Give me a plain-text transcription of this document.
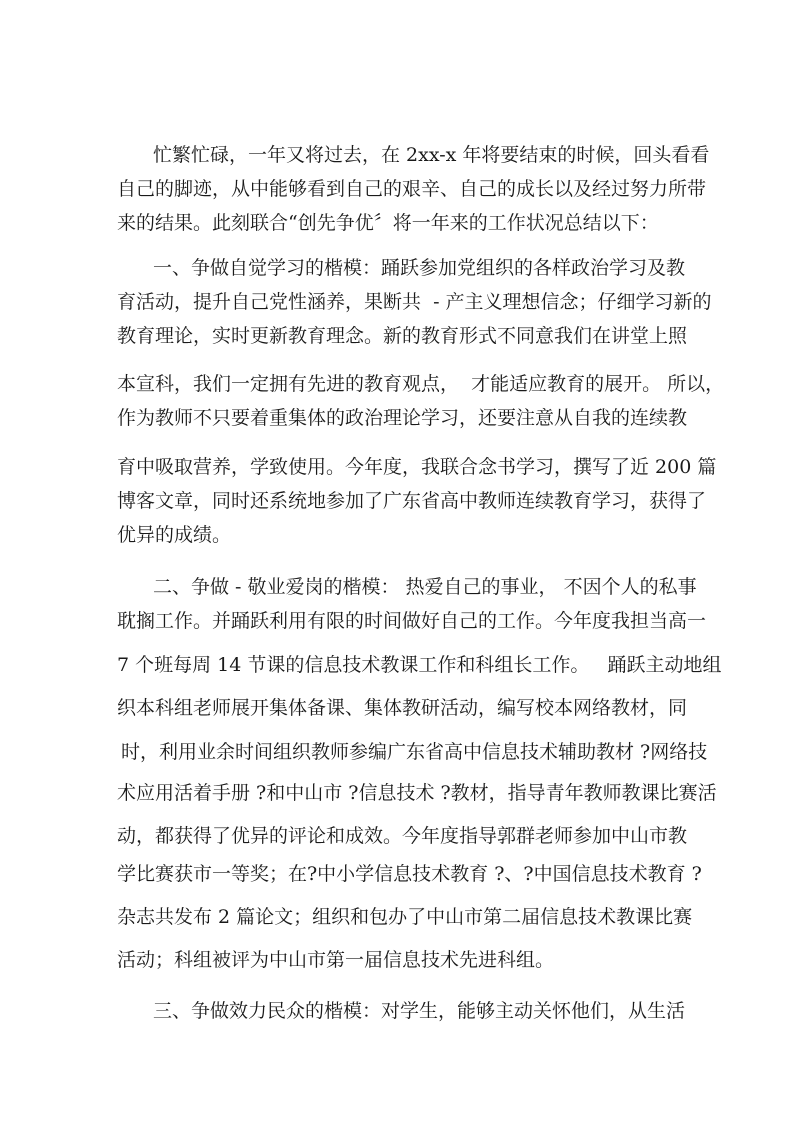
忙繁忙碌，一年又将过去，在 2xx-x 年将要结束的时候，回头看看
自己的脚迹，从中能够看到自己的艰辛、自己的成长以及经过努力所带
来的结果。此刻联合“创先争优〞将一年来的工作状况总结以下：
一、争做自觉学习的楷模：踊跃参加党组织的各样政治学习及教
育活动，提升自己党性涵养，果断共  - 产主义理想信念；仔细学习新的
教育理论，实时更新教育理念。新的教育形式不同意我们在讲堂上照
本宣科，我们一定拥有先进的教育观点，  才能适应教育的展开。 所以，
作为教师不只要着重集体的政治理论学习，还要注意从自我的连续教
育中吸取营养，学致使用。今年度，我联合念书学习，撰写了近 200 篇
博客文章，同时还系统地参加了广东省高中教师连续教育学习，获得了
优异的成绩。
二、争做 - 敬业爱岗的楷模： 热爱自己的事业， 不因个人的私事
耽搁工作。并踊跃利用有限的时间做好自己的工作。今年度我担当高一
7 个班每周 14 节课的信息技术教课工作和科组长工作。   踊跃主动地组
织本科组老师展开集体备课、集体教研活动，编写校本网络教材，同
时，利用业余时间组织教师参编广东省高中信息技术辅助教材 ?网络技
术应用活着手册 ?和中山市 ?信息技术 ?教材，指导青年教师教课比赛活
动，都获得了优异的评论和成效。今年度指导郭群老师参加中山市教
学比赛获市一等奖；在?中小学信息技术教育 ?、?中国信息技术教育 ?
杂志共发布 2 篇论文；组织和包办了中山市第二届信息技术教课比赛
活动；科组被评为中山市第一届信息技术先进科组。
三、争做效力民众的楷模：对学生，能够主动关怀他们，从生活
